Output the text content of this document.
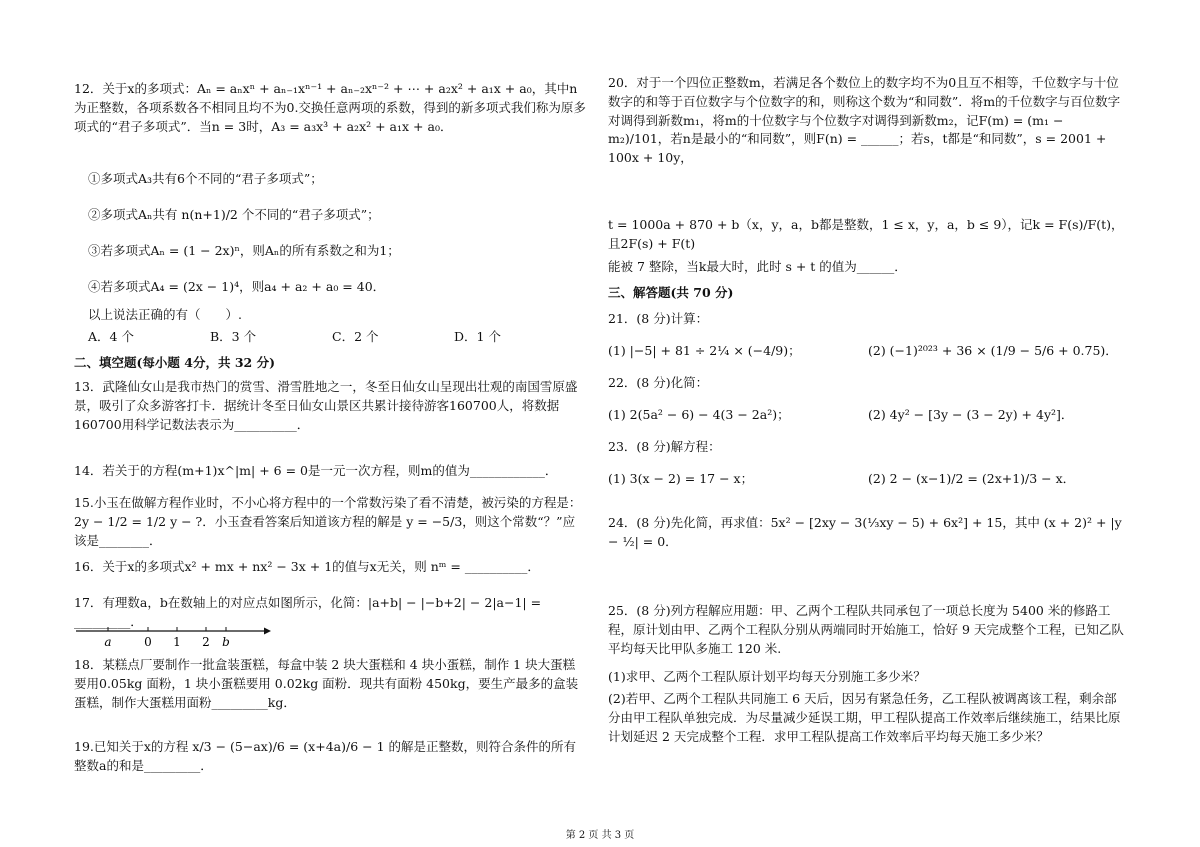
12．关于x的多项式：Aₙ = aₙxⁿ + aₙ₋₁xⁿ⁻¹ + aₙ₋₂xⁿ⁻² + ⋯ + a₂x² + a₁x + a₀，其中n为正整数，各项系数各不相同且均不为0.交换任意两项的系数，得到的新多项式我们称为原多项式的“君子多项式”．当n = 3时，A₃ = a₃x³ + a₂x² + a₁x + a₀．
①多项式A₃共有6个不同的“君子多项式”；
②多项式Aₙ共有 n(n+1)/2 个不同的“君子多项式”；
③若多项式Aₙ = (1 − 2x)ⁿ，则Aₙ的所有系数之和为1；
④若多项式A₄ = (2x − 1)⁴，则a₄ + a₂ + a₀ = 40．
以上说法正确的有（　　）.
A．4 个	B．3 个	C．2 个	D．1 个
二、填空题(每小题 4分，共 32 分)
13．武隆仙女山是我市热门的赏雪、滑雪胜地之一，冬至日仙女山呈现出壮观的南国雪原盛景，吸引了众多游客打卡．据统计冬至日仙女山景区共累计接待游客160700人，将数据160700用科学记数法表示为__________．
14．若关于的方程(m+1)x^|m| + 6 = 0是一元一次方程，则m的值为____________．
15.小玉在做解方程作业时，不小心将方程中的一个常数污染了看不清楚，被污染的方程是：2y − 1/2 = 1/2 y − ?．小玉查看答案后知道该方程的解是 y = −5/3，则这个常数“？”应该是________．
16．关于x的多项式x² + mx + nx² − 3x + 1的值与x无关，则 nᵐ = __________．
17．有理数a，b在数轴上的对应点如图所示，化简：|a+b| − |−b+2| − 2|a−1| = _________．
a	0 1 2 b
18．某糕点厂要制作一批盒装蛋糕，每盒中装 2 块大蛋糕和 4 块小蛋糕，制作 1 块大蛋糕要用0.05kg 面粉，1 块小蛋糕要用 0.02kg 面粉．现共有面粉 450kg，要生产最多的盒装蛋糕，制作大蛋糕用面粉_________kg．
19.已知关于x的方程 x/3 − (5−ax)/6 = (x+4a)/6 − 1 的解是正整数，则符合条件的所有整数a的和是_________．
20．对于一个四位正整数m，若满足各个数位上的数字均不为0且互不相等，千位数字与十位数字的和等于百位数字与个位数字的和，则称这个数为“和同数”．将m的千位数字与百位数字对调得到新数m₁，将m的十位数字与个位数字对调得到新数m₂，记F(m) = (m₁ − m₂)/101，若n是最小的“和同数”，则F(n) = ______；若s，t都是“和同数”，s = 2001 + 100x + 10y，
t = 1000a + 870 + b（x，y，a，b都是整数，1 ≤ x，y，a，b ≤ 9），记k = F(s)/F(t)，且2F(s) + F(t)
能被 7 整除，当k最大时，此时 s + t 的值为______．
三、解答题(共 70 分)
21．(8 分)计算：
(1) |−5| + 81 ÷ 2¼ × (−4/9)；	(2) (−1)²⁰²³ + 36 × (1/9 − 5/6 + 0.75)．
22．(8 分)化简：
(1) 2(5a² − 6) − 4(3 − 2a²)；	(2) 4y² − [3y − (3 − 2y) + 4y²]．
23．(8 分)解方程：
(1) 3(x − 2) = 17 − x；	(2) 2 − (x−1)/2 = (2x+1)/3 − x．
24．(8 分)先化简，再求值：5x² − [2xy − 3(⅓xy − 5) + 6x²] + 15，其中 (x + 2)² + |y − ½| = 0．
25．(8 分)列方程解应用题：甲、乙两个工程队共同承包了一项总长度为 5400 米的修路工程，原计划由甲、乙两个工程队分别从两端同时开始施工，恰好 9 天完成整个工程，已知乙队平均每天比甲队多施工 120 米.
(1)求甲、乙两个工程队原计划平均每天分别施工多少米？
(2)若甲、乙两个工程队共同施工 6 天后，因另有紧急任务，乙工程队被调离该工程，剩余部分由甲工程队单独完成．为尽量减少延误工期，甲工程队提高工作效率后继续施工，结果比原计划延迟 2 天完成整个工程．求甲工程队提高工作效率后平均每天施工多少米？
第 2 页 共 3 页
